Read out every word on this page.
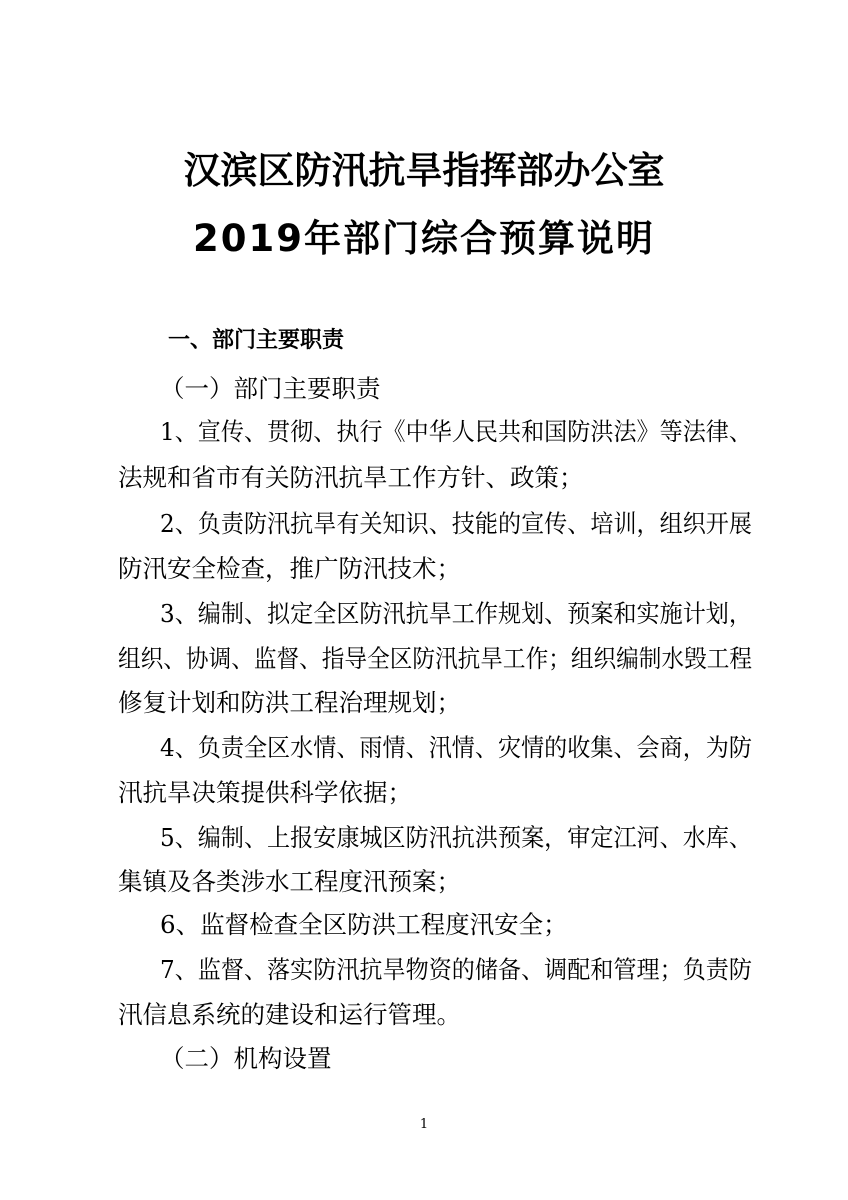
汉滨区防汛抗旱指挥部办公室
2019年部门综合预算说明
一、部门主要职责
（一）部门主要职责
1、宣传、贯彻、执行《中华人民共和国防洪法》等法律、
法规和省市有关防汛抗旱工作方针、政策；
2、负责防汛抗旱有关知识、技能的宣传、培训，组织开展
防汛安全检查，推广防汛技术；
3、编制、拟定全区防汛抗旱工作规划、预案和实施计划，
组织、协调、监督、指导全区防汛抗旱工作；组织编制水毁工程
修复计划和防洪工程治理规划；
4、负责全区水情、雨情、汛情、灾情的收集、会商，为防
汛抗旱决策提供科学依据；
5、编制、上报安康城区防汛抗洪预案，审定江河、水库、
集镇及各类涉水工程度汛预案；
6、监督检查全区防洪工程度汛安全；
7、监督、落实防汛抗旱物资的储备、调配和管理；负责防
汛信息系统的建设和运行管理。
（二）机构设置
1
